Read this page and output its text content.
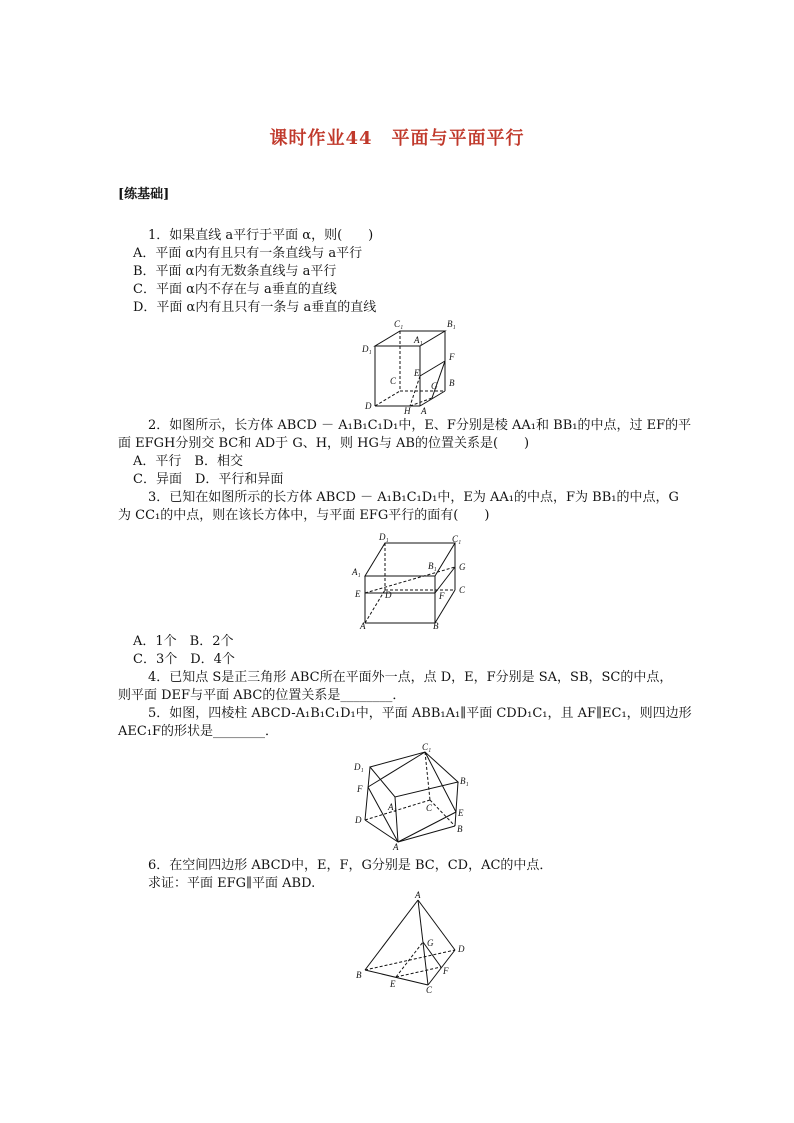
课时作业44　平面与平面平行
[练基础]
1．如果直线 a平行于平面 α，则(　　)
A．平面 α内有且只有一条直线与 a平行
B．平面 α内有无数条直线与 a平行
C．平面 α内不存在与 a垂直的直线
D．平面 α内有且只有一条与 a垂直的直线
C₁	B₁
D₁
A₁
F
C
E
G B
D	H A
2．如图所示，长方体 ABCD － A₁B₁C₁D₁中，E、F分别是棱 AA₁和 BB₁的中点，过 EF的平
面 EFGH分别交 BC和 AD于 G、H，则 HG与 AB的位置关系是(　　)
A．平行　B．相交
C．异面　D．平行和异面
3．已知在如图所示的长方体 ABCD － A₁B₁C₁D₁中，E为 AA₁的中点，F为 BB₁的中点，G
为 CC₁的中点，则在该长方体中，与平面 EFG平行的面有(　　)
D₁	C₁
A₁
B₁ G
E	D	F
C
A	B
A．1个　B．2个
C．3个　D．4个
4．已知点 S是正三角形 ABC所在平面外一点，点 D，E，F分别是 SA，SB，SC的中点，
则平面 DEF与平面 ABC的位置关系是________．
5．如图，四棱柱 ABCD-A₁B₁C₁D₁中，平面 ABB₁A₁∥平面 CDD₁C₁，且 AF∥EC₁，则四边形
AEC₁F的形状是________．
D₁
C₁
F
B₁
A₁	C
D
E
B
A
6．在空间四边形 ABCD中，E，F，G分别是 BC，CD，AC的中点．
求证：平面 EFG∥平面 ABD.
A
G
D
F
B
E
C
